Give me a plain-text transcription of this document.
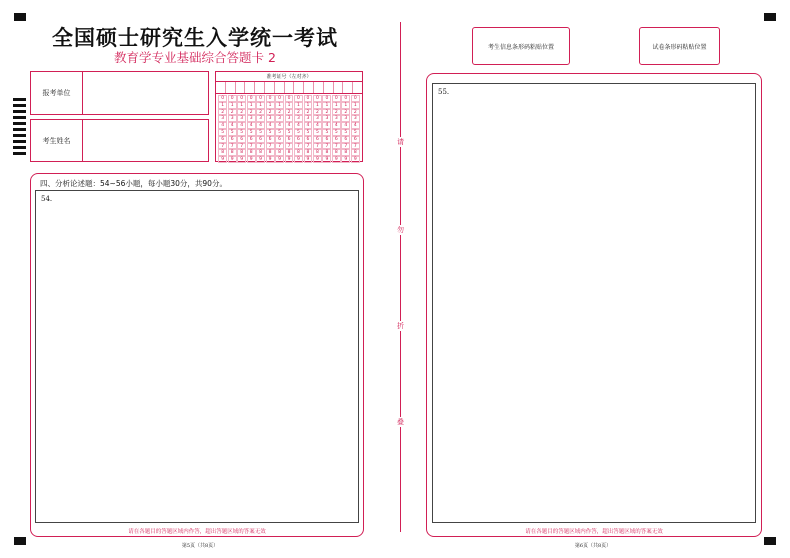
全国硕士研究生入学统一考试
教育学专业基础综合答题卡 2
报考单位
考生姓名
准考证号（左对齐）
0	0	0	0	0	0	0	0	0	0	0	0	0	0	0
1	1	1	1	1	1	1	1	1	1	1	1	1	1	1
2	2	2	2	2	2	2	2	2	2	2	2	2	2	2
3	3	3	3	3	3	3	3	3	3	3	3	3	3	3
4	4	4	4	4	4	4	4	4	4	4	4	4	4	4
5	5	5	5	5	5	5	5	5	5	5	5	5	5	5
6	6	6	6	6	6	6	6	6	6	6	6	6	6	6
7	7	7	7	7	7	7	7	7	7	7	7	7	7	7
8	8	8	8	8	8	8	8	8	8	8	8	8	8	8
9	9	9	9	9	9	9	9	9	9	9	9	9	9	9
四、分析论述题：54~56小题，每小题30分，共90分。
54.
请在各题目的答题区域内作答，超出答题区域的答案无效
第5页（共8页）
请
勿
折
叠
考生信息条形码粘贴位置	试卷条形码粘贴位置
55.
请在各题目的答题区域内作答，超出答题区域的答案无效
第6页（共8页）
